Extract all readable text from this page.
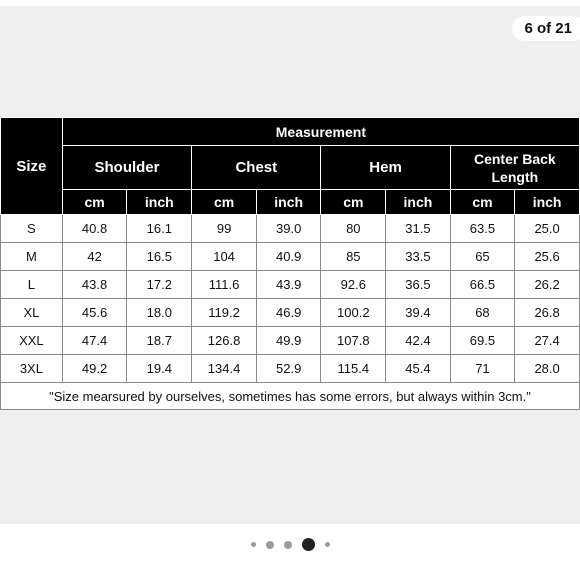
6 of 21
Size	Measurement							
	Shoulder		Chest		Hem		Center Back Length	
	cm	inch	cm	inch	cm	inch	cm	inch
S	40.8	16.1	99	39.0	80	31.5	63.5	25.0
M	42	16.5	104	40.9	85	33.5	65	25.6
L	43.8	17.2	111.6	43.9	92.6	36.5	66.5	26.2
XL	45.6	18.0	119.2	46.9	100.2	39.4	68	26.8
XXL	47.4	18.7	126.8	49.9	107.8	42.4	69.5	27.4
3XL	49.2	19.4	134.4	52.9	115.4	45.4	71	28.0
"Size mearsured by ourselves, sometimes has some errors, but always within 3cm."								
